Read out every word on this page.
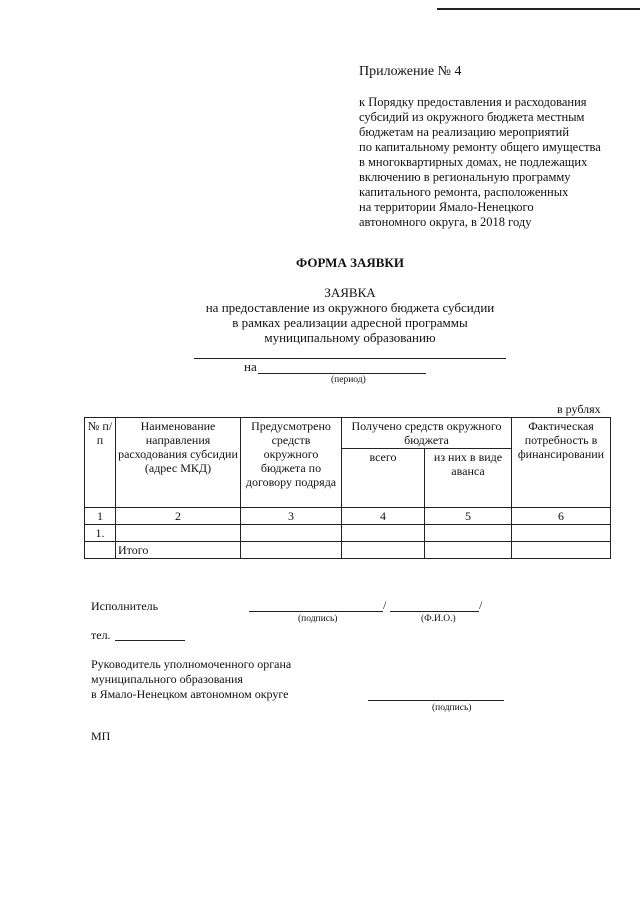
Приложение № 4
к Порядку предоставления и расходования
субсидий из окружного бюджета местным
бюджетам на реализацию мероприятий
по капитальному ремонту общего имущества
в многоквартирных домах, не подлежащих
включению в региональную программу
капитального ремонта, расположенных
на территории Ямало-Ненецкого
автономного округа, в 2018 году
ФОРМА ЗАЯВКИ
ЗАЯВКА
на предоставление из окружного бюджета субсидии
в рамках реализации адресной программы
муниципальному образованию
на
(период)
в рублях
№ п/п	Наименование направления расходования субсидии (адрес МКД)	Предусмотрено средств окружного бюджета по договору подряда	Получено средств окружного бюджета		Фактическая потребность в финансировании
			всего	из них в виде аванса	
1	2	3	4	5	6
1.					
	Итого				
Исполнитель	/	/
(подпись)	(Ф.И.О.)
тел.
Руководитель уполномоченного органа
муниципального образования
в Ямало-Ненецком автономном округе
(подпись)
МП
